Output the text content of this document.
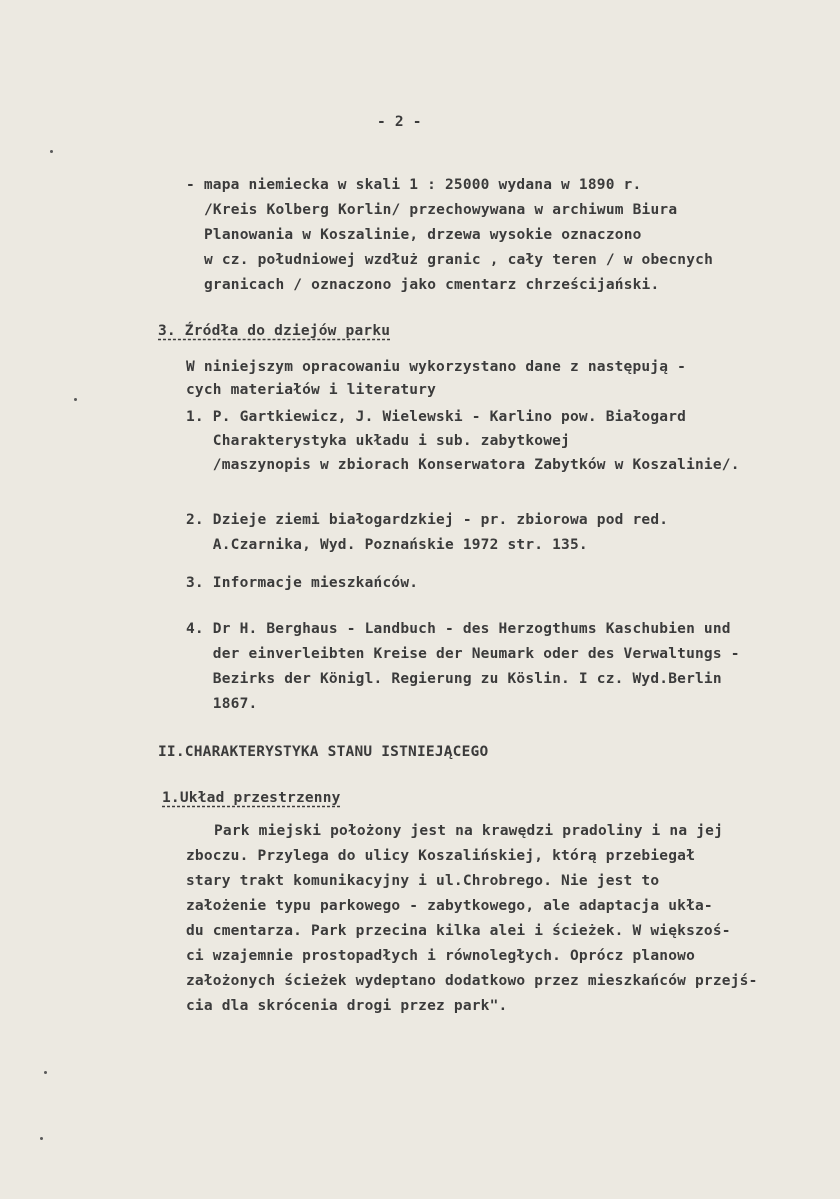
- 2 -
- mapa niemiecka w skali 1 : 25000 wydana w 1890 r.
/Kreis Kolberg Korlin/ przechowywana w archiwum Biura
Planowania w Koszalinie, drzewa wysokie oznaczono
w cz. południowej wzdłuż granic , cały teren / w obecnych
granicach / oznaczono jako cmentarz chrześcijański.
3. Źródła do dziejów parku
W niniejszym opracowaniu wykorzystano dane z następują -
cych materiałów i literatury
1. P. Gartkiewicz, J. Wielewski - Karlino pow. Białogard
Charakterystyka układu i sub. zabytkowej
/maszynopis w zbiorach Konserwatora Zabytków w Koszalinie/.
2. Dzieje ziemi białogardzkiej - pr. zbiorowa pod red.
A.Czarnika, Wyd. Poznańskie 1972 str. 135.
3. Informacje mieszkańców.
4. Dr H. Berghaus - Landbuch - des Herzogthums Kaschubien und
der einverleibten Kreise der Neumark oder des Verwaltungs -
Bezirks der Königl. Regierung zu Köslin. I cz. Wyd.Berlin
1867.
II.CHARAKTERYSTYKA STANU ISTNIEJĄCEGO
1.Układ przestrzenny
Park miejski położony jest na krawędzi pradoliny i na jej
zboczu. Przylega do ulicy Koszalińskiej, którą przebiegał
stary trakt komunikacyjny i ul.Chrobrego. Nie jest to
założenie typu parkowego - zabytkowego, ale adaptacja ukła-
du cmentarza. Park przecina kilka alei i ścieżek. W większoś-
ci wzajemnie prostopadłych i równoległych. Oprócz planowo
założonych ścieżek wydeptano dodatkowo przez mieszkańców przejś-
cia dla skrócenia drogi przez park".
